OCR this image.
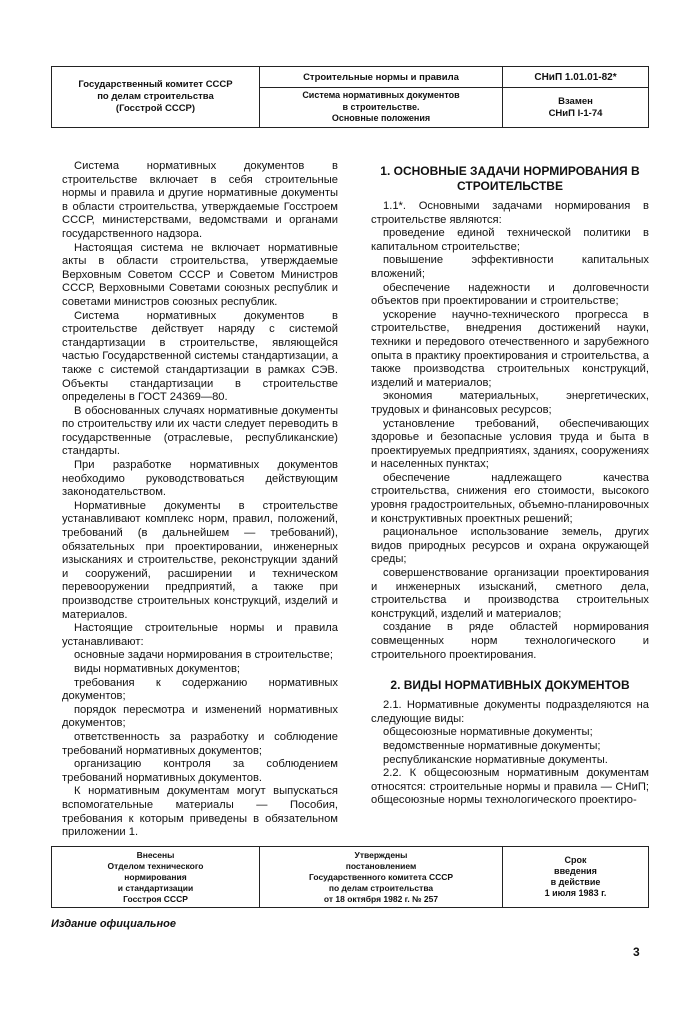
Государственный комитет СССР
по делам строительства
(Госстрой СССР)
Строительные нормы и правила
Система нормативных документов
в строительстве.
Основные положения
СНиП 1.01.01-82*
Взамен
СНиП I-1-74

Система нормативных документов в строительстве включает в себя строительные нормы и правила и другие нормативные документы в области строительства, утверждаемые Госстроем СССР, министерствами, ведомствами и органами государственного надзора.

Настоящая система не включает нормативные акты в области строительства, утверждаемые Верховным Советом СССР и Советом Министров СССР, Верховными Советами союзных республик и советами министров союзных республик.

Система нормативных документов в строительстве действует наряду с системой стандартизации в строительстве, являющейся частью Государственной системы стандартизации, а также с системой стандартизации в рамках СЭВ. Объекты стандартизации в строительстве определены в ГОСТ 24369—80.

В обоснованных случаях нормативные документы по строительству или их части следует переводить в государственные (отраслевые, республиканские) стандарты.

При разработке нормативных документов необходимо руководствоваться действующим законодательством.

Нормативные документы в строительстве устанавливают комплекс норм, правил, положений, требований (в дальнейшем — требований), обязательных при проектировании, инженерных изысканиях и строительстве, реконструкции зданий и сооружений, расширении и техническом перевооружении предприятий, а также при производстве строительных конструкций, изделий и материалов.

Настоящие строительные нормы и правила устанавливают:

основные задачи нормирования в строительстве;

виды нормативных документов;

требования к содержанию нормативных документов;

порядок пересмотра и изменений нормативных документов;

ответственность за разработку и соблюдение требований нормативных документов;

организацию контроля за соблюдением требований нормативных документов.

К нормативным документам могут выпускаться вспомогательные материалы — Пособия, требования к которым приведены в обязательном приложении 1.

1. ОСНОВНЫЕ ЗАДАЧИ НОРМИРОВАНИЯ В СТРОИТЕЛЬСТВЕ

1.1*. Основными задачами нормирования в строительстве являются:

проведение единой технической политики в капитальном строительстве;

повышение эффективности капитальных вложений;

обеспечение надежности и долговечности объектов при проектировании и строительстве;

ускорение научно-технического прогресса в строительстве, внедрения достижений науки, техники и передового отечественного и зарубежного опыта в практику проектирования и строительства, а также производства строительных конструкций, изделий и материалов;

экономия материальных, энергетических, трудовых и финансовых ресурсов;

установление требований, обеспечивающих здоровье и безопасные условия труда и быта в проектируемых предприятиях, зданиях, сооружениях и населенных пунктах;

обеспечение надлежащего качества строительства, снижения его стоимости, высокого уровня градостроительных, объемно-планировочных и конструктивных проектных решений;

рациональное использование земель, других видов природных ресурсов и охрана окружающей среды;

совершенствование организации проектирования и инженерных изысканий, сметного дела, строительства и производства строительных конструкций, изделий и материалов;

создание в ряде областей нормирования совмещенных норм технологического и строительного проектирования.

2. ВИДЫ НОРМАТИВНЫХ ДОКУМЕНТОВ

2.1. Нормативные документы подразделяются на следующие виды:

общесоюзные нормативные документы;

ведомственные нормативные документы;

республиканские нормативные документы.

2.2. К общесоюзным нормативным документам относятся: строительные нормы и правила — СНиП; общесоюзные нормы технологического проектиро-

Внесены
Отделом технического
нормирования
и стандартизации
Госстроя СССР
Утверждены
постановлением
Государственного комитета СССР
по делам строительства
от 18 октября 1982 г. № 257
Срок
введения
в действие
1 июля 1983 г.
Издание официальное
3
